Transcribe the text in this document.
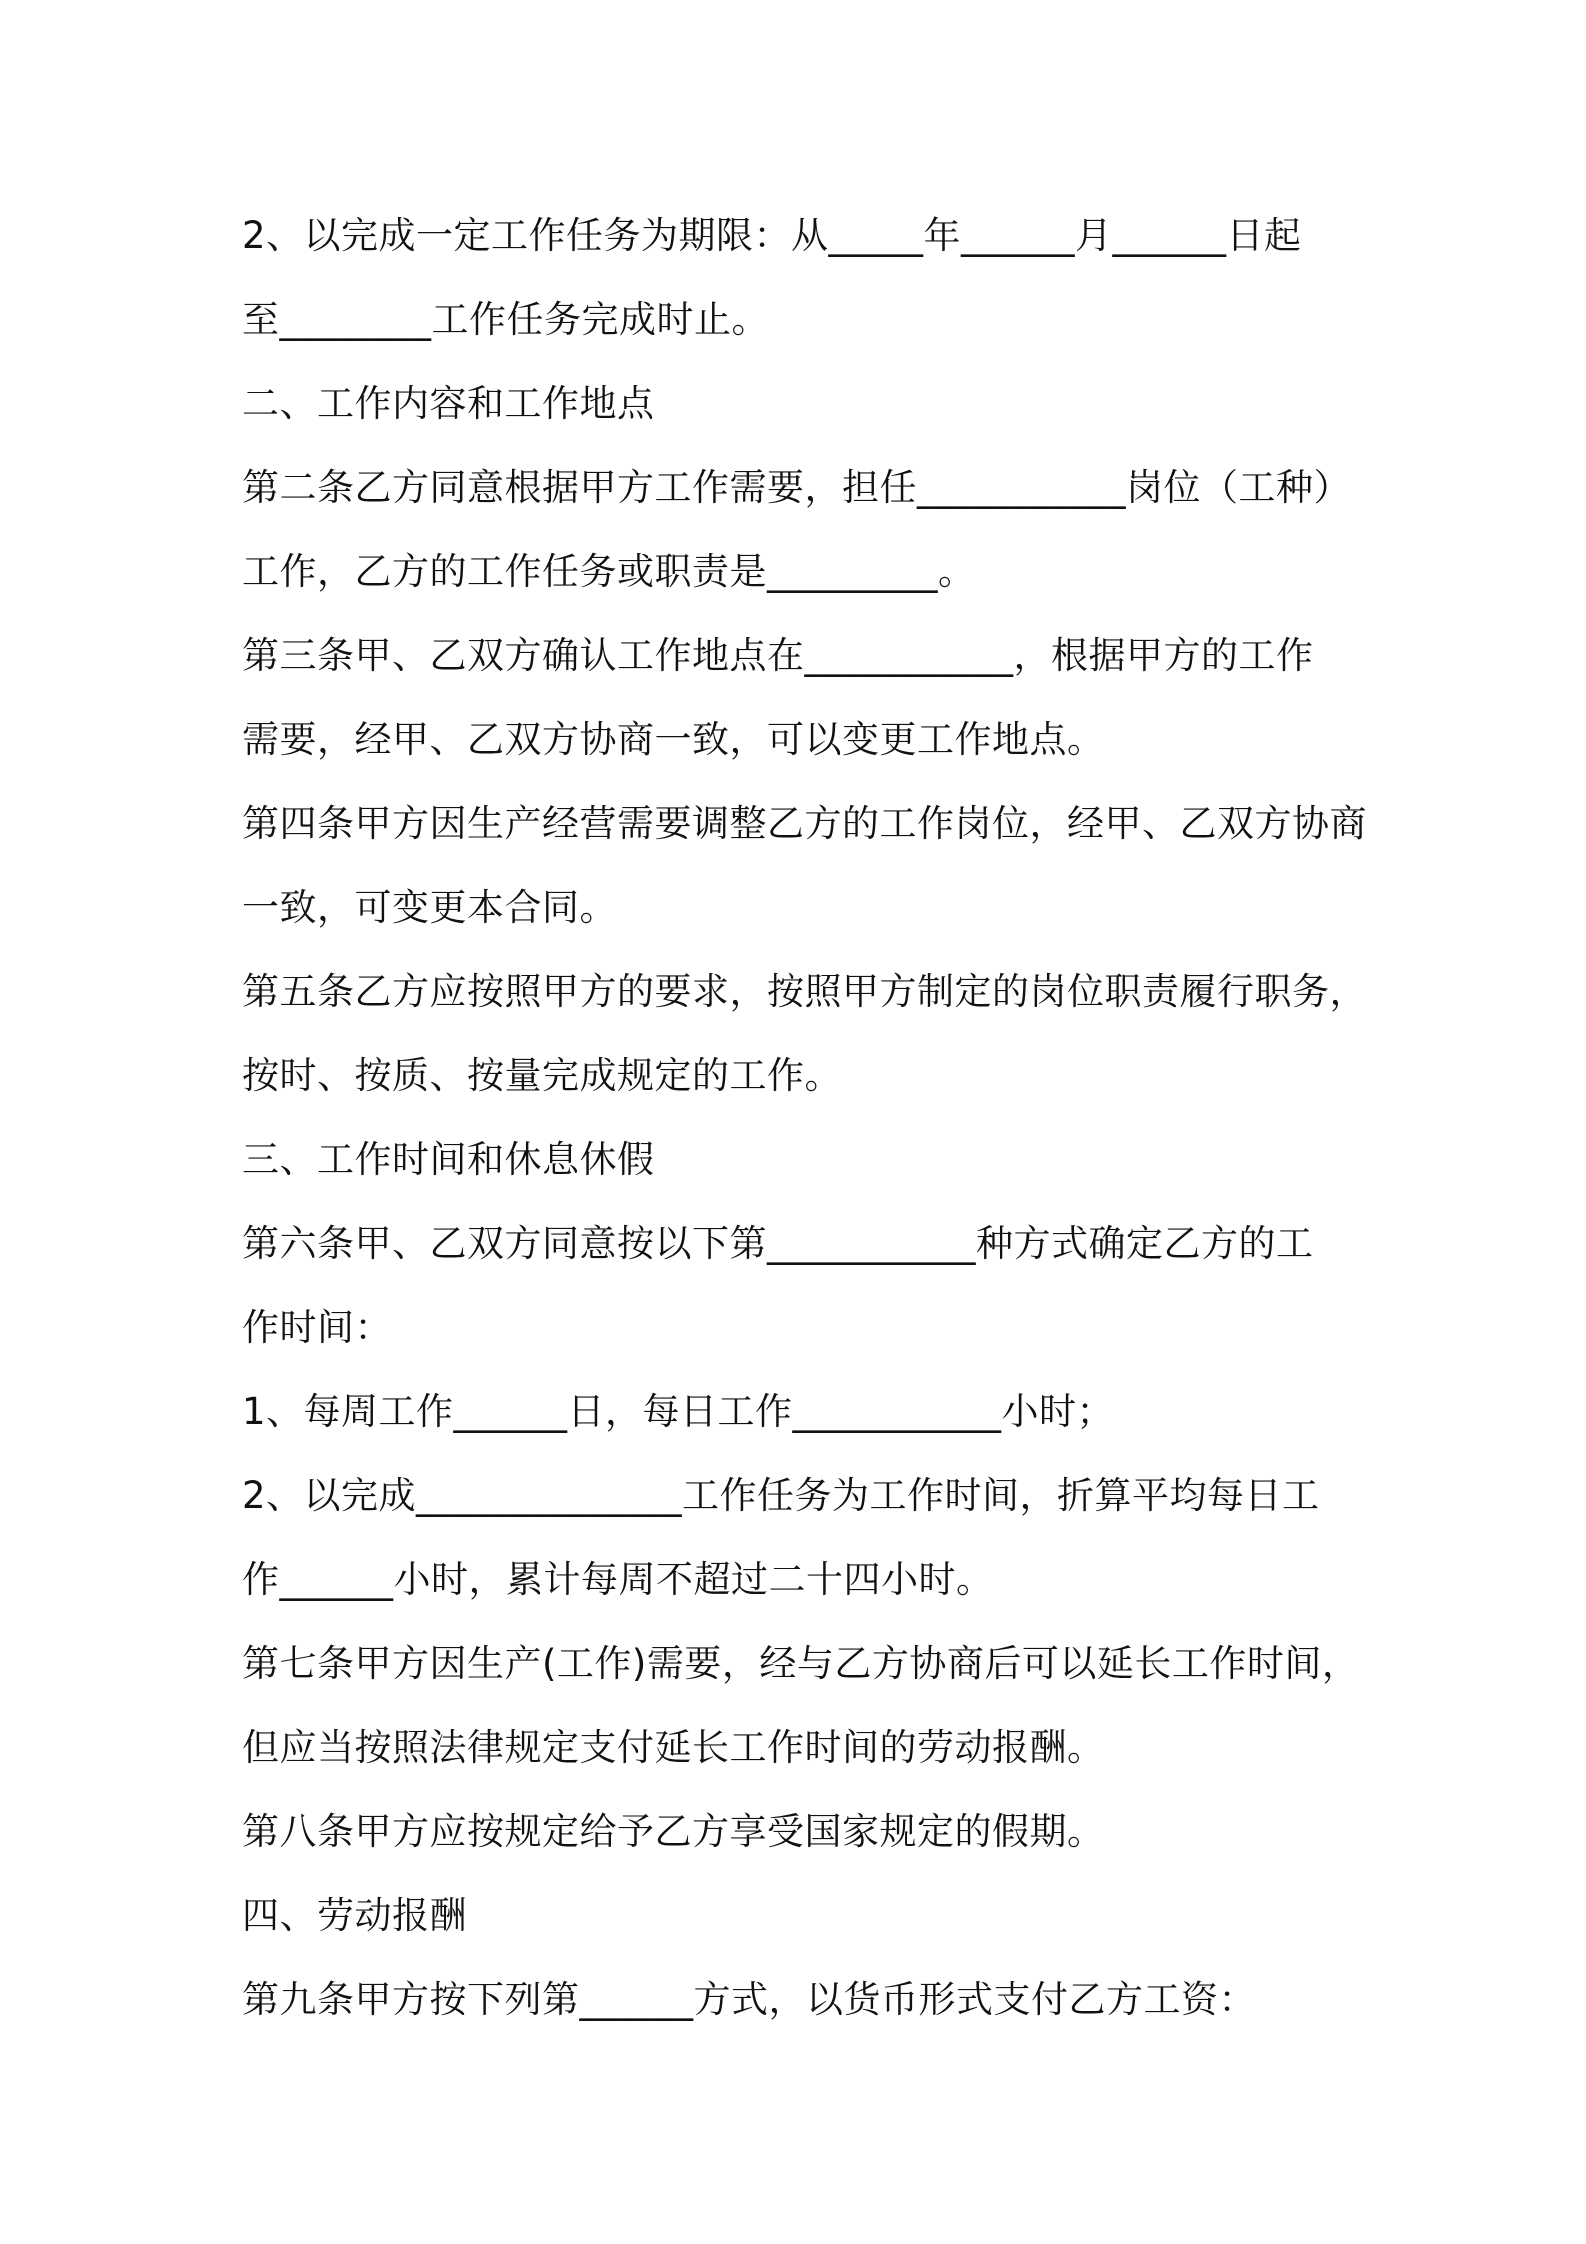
2、以完成一定工作任务为期限：从_____年______月______日起
至________工作任务完成时止。
二、工作内容和工作地点
第二条乙方同意根据甲方工作需要，担任___________岗位（工种）
工作，乙方的工作任务或职责是_________。
第三条甲、乙双方确认工作地点在___________，根据甲方的工作
需要，经甲、乙双方协商一致，可以变更工作地点。
第四条甲方因生产经营需要调整乙方的工作岗位，经甲、乙双方协商
一致，可变更本合同。
第五条乙方应按照甲方的要求，按照甲方制定的岗位职责履行职务，
按时、按质、按量完成规定的工作。
三、工作时间和休息休假
第六条甲、乙双方同意按以下第___________种方式确定乙方的工
作时间：
1、每周工作______日，每日工作___________小时；
2、以完成______________工作任务为工作时间，折算平均每日工
作______小时，累计每周不超过二十四小时。
第七条甲方因生产(工作)需要，经与乙方协商后可以延长工作时间，
但应当按照法律规定支付延长工作时间的劳动报酬。
第八条甲方应按规定给予乙方享受国家规定的假期。
四、劳动报酬
第九条甲方按下列第______方式，以货币形式支付乙方工资：
